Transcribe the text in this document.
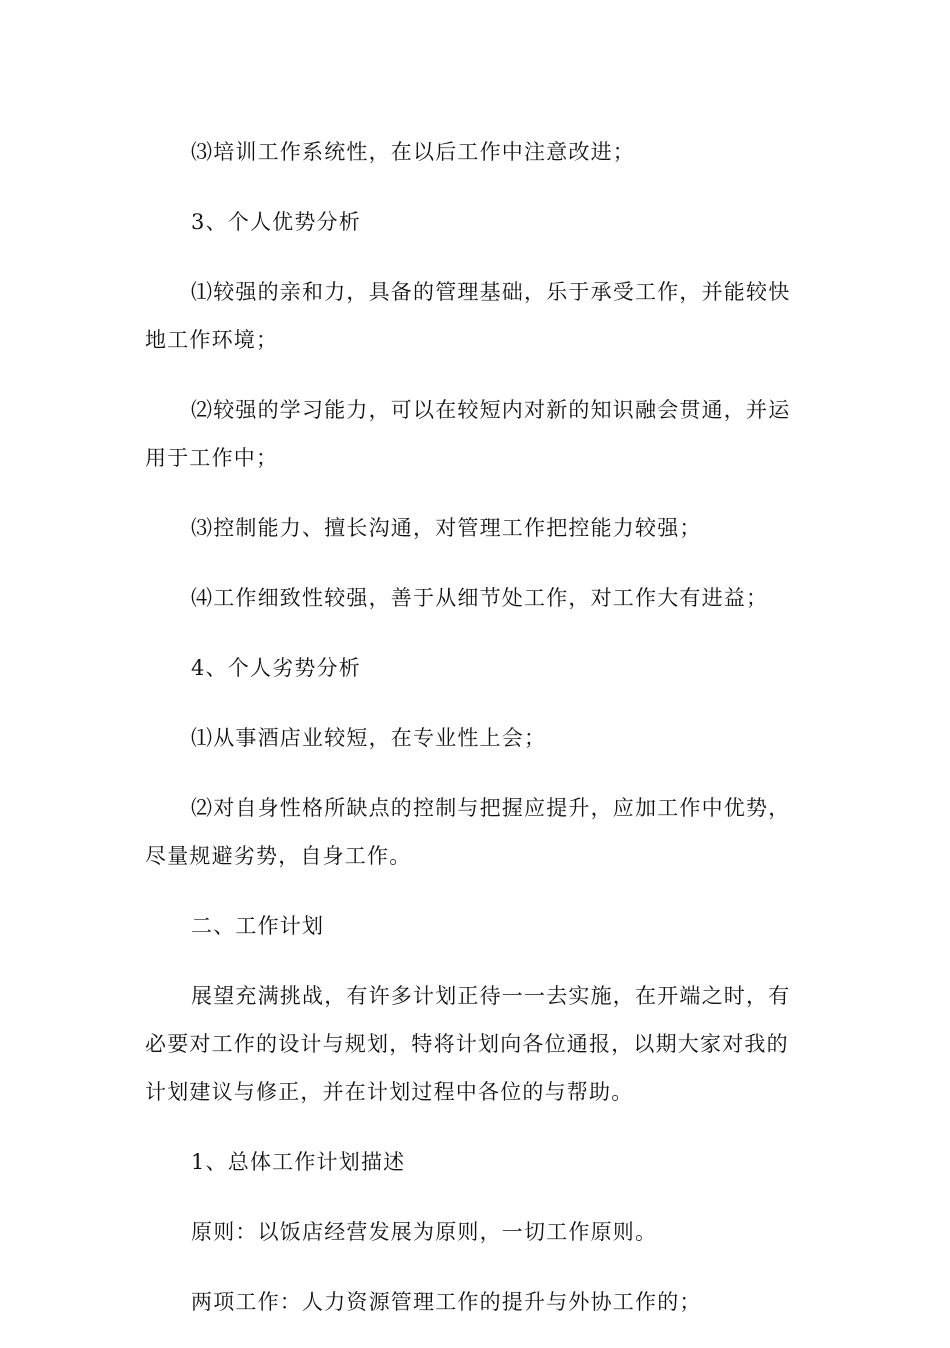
⑶培训工作系统性，在以后工作中注意改进；

3、个人优势分析

⑴较强的亲和力，具备的管理基础，乐于承受工作，并能较快地工作环境；

⑵较强的学习能力，可以在较短内对新的知识融会贯通，并运用于工作中；

⑶控制能力、擅长沟通，对管理工作把控能力较强；

⑷工作细致性较强，善于从细节处工作，对工作大有进益；

4、个人劣势分析

⑴从事酒店业较短，在专业性上会；

⑵对自身性格所缺点的控制与把握应提升，应加工作中优势，尽量规避劣势，自身工作。

二、工作计划

展望充满挑战，有许多计划正待一一去实施，在开端之时，有必要对工作的设计与规划，特将计划向各位通报，以期大家对我的计划建议与修正，并在计划过程中各位的与帮助。

1、总体工作计划描述

原则：以饭店经营发展为原则，一切工作原则。

两项工作：人力资源管理工作的提升与外协工作的；
